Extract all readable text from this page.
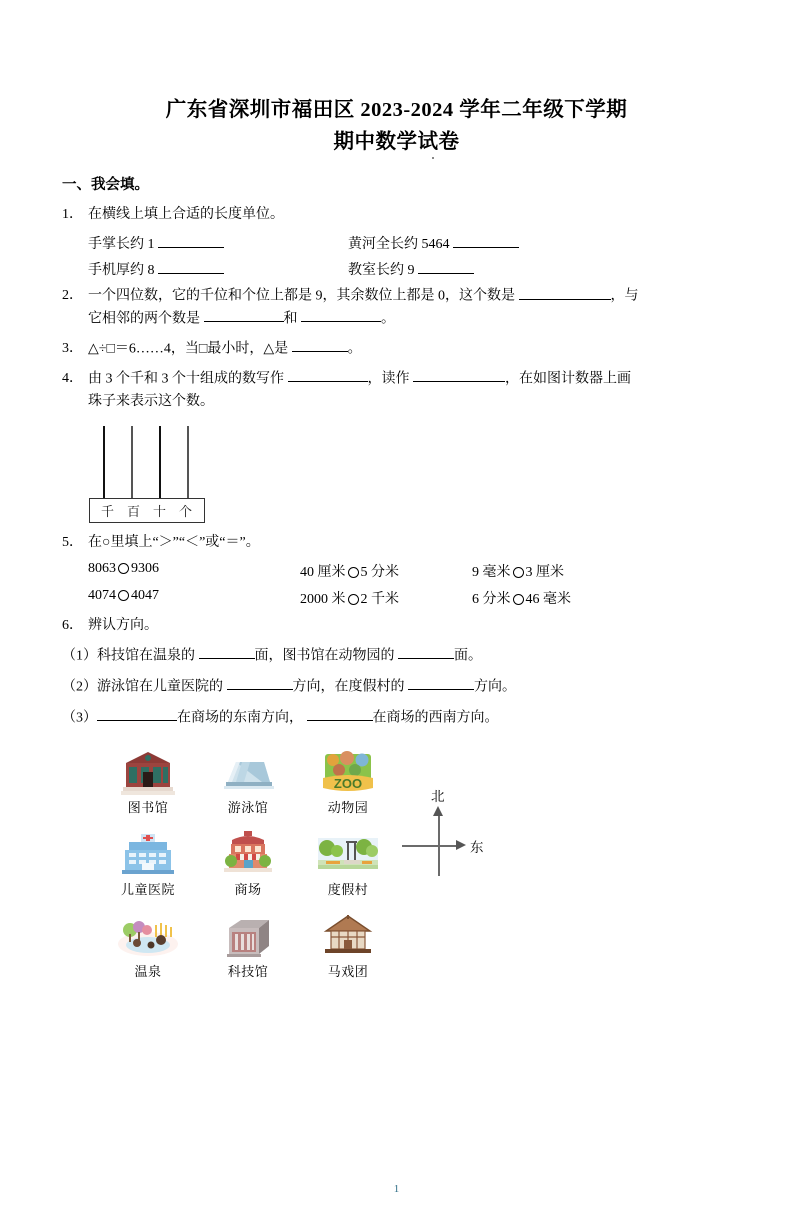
广东省深圳市福田区 2023-2024 学年二年级下学期
期中数学试卷
一、我会填。
1． 在横线上填上合适的长度单位。
手掌长约 1	黄河全长约 5464
手机厚约 8	教室长约 9
2． 一个四位数，它的千位和个位上都是 9，其余数位上都是 0，这个数是	，与
它相邻的两个数是	和	。
3． △÷□＝6……4，当□最小时，△是	。
4． 由 3 个千和 3 个十组成的数写作	，读作	，在如图计数器上画
珠子来表示这个数。
千 百 十 个
5． 在○里填上“＞”“＜”或“＝”。
8063 9306	40 厘米 5 分米	9 毫米 3 厘米
4074 4047	2000 米 2 千米	6 分米 46 毫米
6． 辨认方向。
（1）科技馆在温泉的	面，图书馆在动物园的	面。
（2）游泳馆在儿童医院的	方向，在度假村的	方向。
（3）	在商场的东南方向，	在商场的西南方向。
图书馆	游泳馆
ZOO
动物园
儿童医院	商场	度假村
温泉	科技馆	马戏团
北
东
1
